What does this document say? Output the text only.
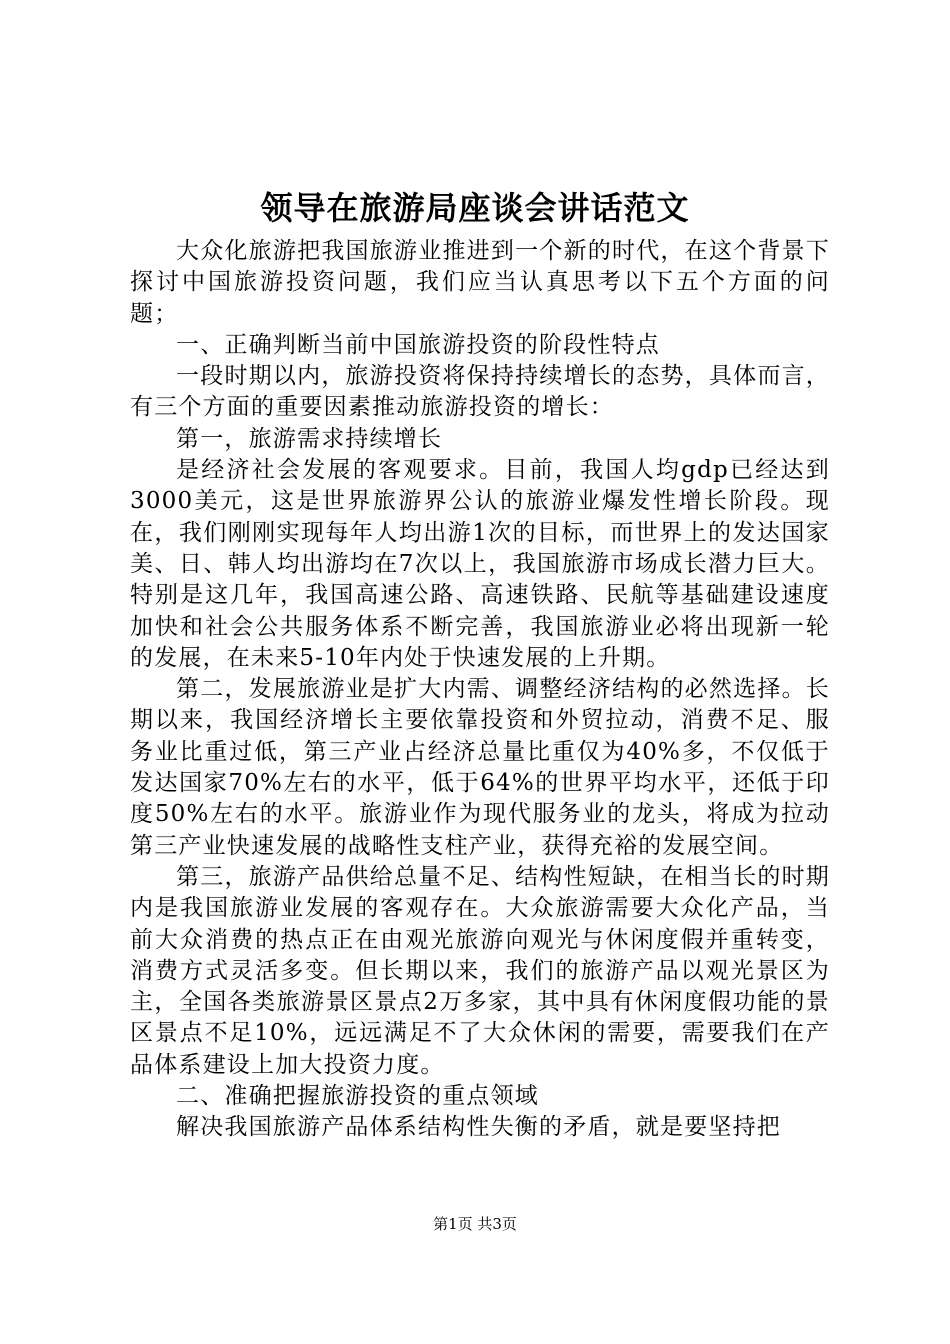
领导在旅游局座谈会讲话范文

大众化旅游把我国旅游业推进到一个新的时代，在这个背景下探讨中国旅游投资问题，我们应当认真思考以下五个方面的问题；

一、正确判断当前中国旅游投资的阶段性特点

一段时期以内，旅游投资将保持持续增长的态势，具体而言，有三个方面的重要因素推动旅游投资的增长：

第一，旅游需求持续增长

是经济社会发展的客观要求。目前，我国人均gdp已经达到3000美元，这是世界旅游界公认的旅游业爆发性增长阶段。现在，我们刚刚实现每年人均出游1次的目标，而世界上的发达国家美、日、韩人均出游均在7次以上，我国旅游市场成长潜力巨大。特别是这几年，我国高速公路、高速铁路、民航等基础建设速度加快和社会公共服务体系不断完善，我国旅游业必将出现新一轮的发展，在未来5-10年内处于快速发展的上升期。

第二，发展旅游业是扩大内需、调整经济结构的必然选择。长期以来，我国经济增长主要依靠投资和外贸拉动，消费不足、服务业比重过低，第三产业占经济总量比重仅为40%多，不仅低于发达国家70%左右的水平，低于64%的世界平均水平，还低于印度50%左右的水平。旅游业作为现代服务业的龙头，将成为拉动第三产业快速发展的战略性支柱产业，获得充裕的发展空间。

第三，旅游产品供给总量不足、结构性短缺，在相当长的时期内是我国旅游业发展的客观存在。大众旅游需要大众化产品，当前大众消费的热点正在由观光旅游向观光与休闲度假并重转变，消费方式灵活多变。但长期以来，我们的旅游产品以观光景区为主，全国各类旅游景区景点2万多家，其中具有休闲度假功能的景区景点不足10%，远远满足不了大众休闲的需要，需要我们在产品体系建设上加大投资力度。

二、准确把握旅游投资的重点领域

解决我国旅游产品体系结构性失衡的矛盾，就是要坚持把

第1页 共3页
